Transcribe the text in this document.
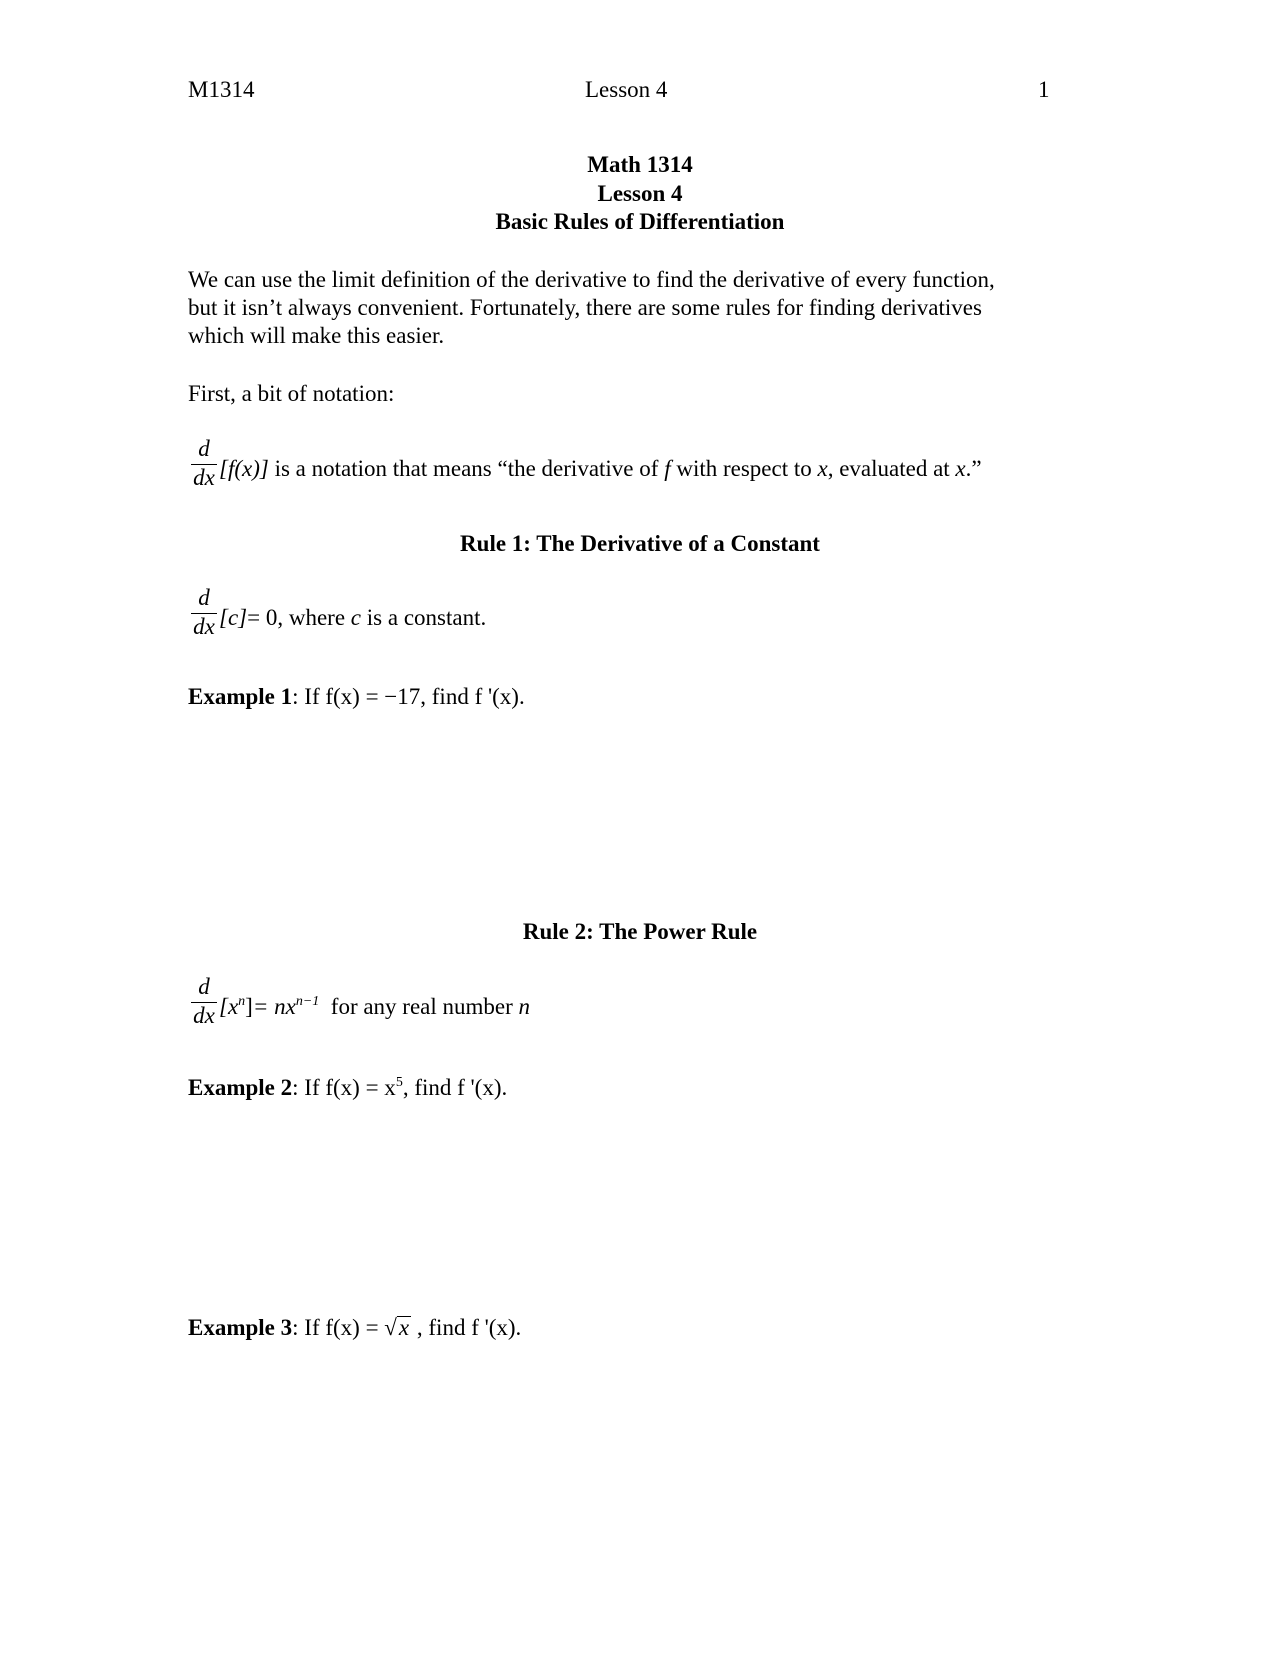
M1314	Lesson 4	1
Math 1314
Lesson 4
Basic Rules of Differentiation
We can use the limit definition of the derivative to find the derivative of every function,
but it isn’t always convenient. Fortunately, there are some rules for finding derivatives
which will make this easier.
First, a bit of notation:
d
dx [f(x)] is a notation that means “the derivative of f with respect to x, evaluated at x.”
Rule 1: The Derivative of a Constant
d
dx [c]= 0, where c is a constant.
Example 1: If f(x) = −17, find f '(x).
Rule 2: The Power Rule
d
dx $[x^n]= nx^{n-1}$ for any real number n
Example 2: If $f(x) = x^5$, find f '(x).
Example 3: If f(x) = √x , find f '(x).
